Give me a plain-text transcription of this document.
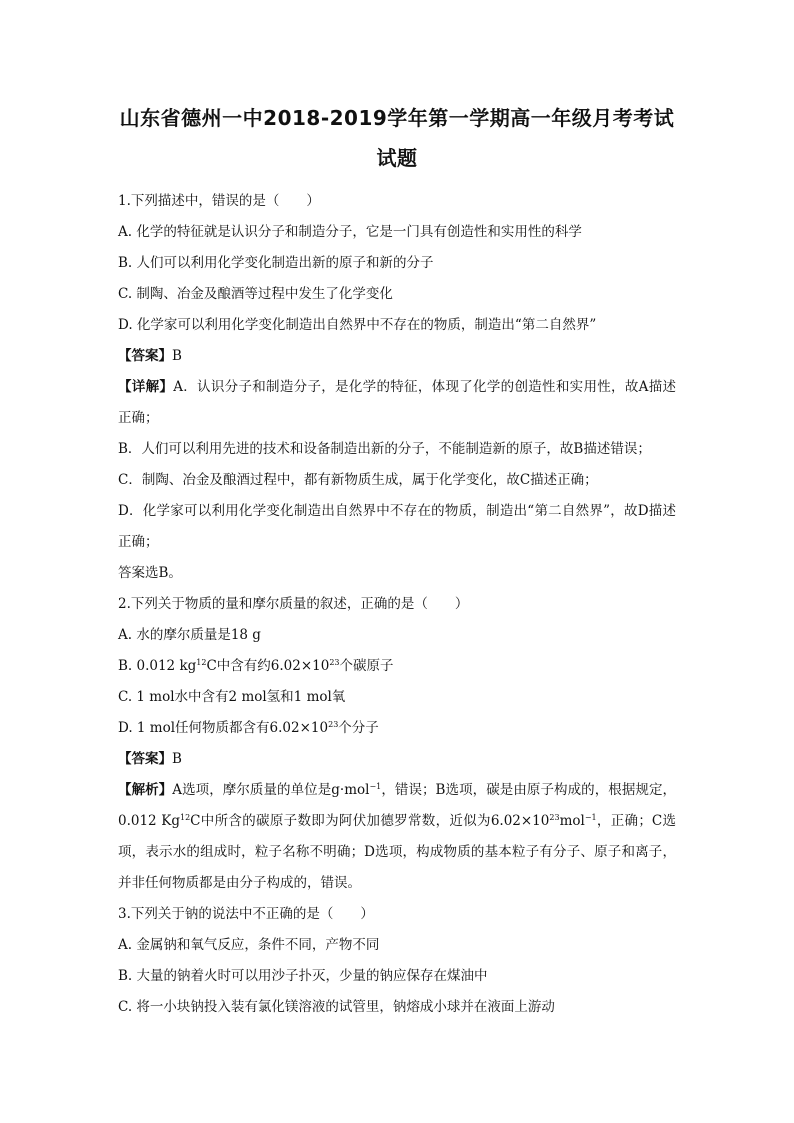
山东省德州一中2018-2019学年第一学期高一年级月考考试
试题
1.下列描述中，错误的是（　　）
A. 化学的特征就是认识分子和制造分子，它是一门具有创造性和实用性的科学
B. 人们可以利用化学变化制造出新的原子和新的分子
C. 制陶、冶金及酿酒等过程中发生了化学变化
D. 化学家可以利用化学变化制造出自然界中不存在的物质，制造出“第二自然界”
【答案】B
【详解】A．认识分子和制造分子，是化学的特征，体现了化学的创造性和实用性，故A描述正确；
B．人们可以利用先进的技术和设备制造出新的分子，不能制造新的原子，故B描述错误；
C．制陶、冶金及酿酒过程中，都有新物质生成，属于化学变化，故C描述正确；
D．化学家可以利用化学变化制造出自然界中不存在的物质，制造出“第二自然界”，故D描述正确；
答案选B。
2.下列关于物质的量和摩尔质量的叙述，正确的是（　　）
A. 水的摩尔质量是18 g
B. 0.012 $kg^{12}C$中含有约$6.02\times 10^{23}$个碳原子
C. 1 mol水中含有2 mol氢和1 mol氧
D. 1 mol任何物质都含有$6.02\times 10^{23}$个分子
【答案】B
【解析】A选项，摩尔质量的单位是g·mol$^{-1}$，错误；B选项，碳是由原子构成的，根据规定，0.012 Kg$^{12}$C中所含的碳原子数即为阿伏加德罗常数，近似为$6.02\times 10^{23}mol^{-1}$，正确；C选项，表示水的组成时，粒子名称不明确；D选项，构成物质的基本粒子有分子、原子和离子，并非任何物质都是由分子构成的，错误。
3.下列关于钠的说法中不正确的是（　　）
A. 金属钠和氧气反应，条件不同，产物不同
B. 大量的钠着火时可以用沙子扑灭，少量的钠应保存在煤油中
C. 将一小块钠投入装有氯化镁溶液的试管里，钠熔成小球并在液面上游动
